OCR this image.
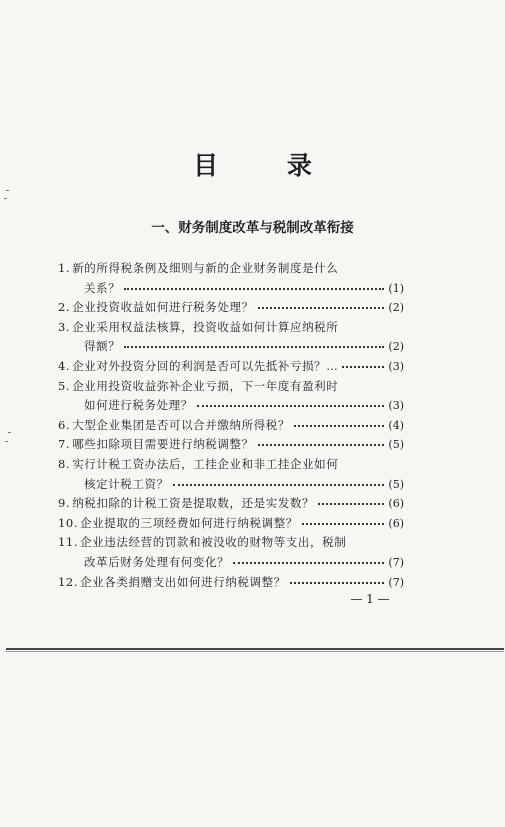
目 录
一、财务制度改革与税制改革衔接
1. 新的所得税条例及细则与新的企业财务制度是什么
关系？	(1)
2. 企业投资收益如何进行税务处理？	(2)
3. 企业采用权益法核算，投资收益如何计算应纳税所
得额？	(2)
4. 企业对外投资分回的利润是否可以先抵补亏损？…	(3)
5. 企业用投资收益弥补企业亏损，下一年度有盈利时
如何进行税务处理？	(3)
6. 大型企业集团是否可以合并缴纳所得税？	(4)
7. 哪些扣除项目需要进行纳税调整？	(5)
8. 实行计税工资办法后，工挂企业和非工挂企业如何
核定计税工资？	(5)
9. 纳税扣除的计税工资是提取数，还是实发数？	(6)
10. 企业提取的三项经费如何进行纳税调整？	(6)
11. 企业违法经营的罚款和被没收的财物等支出，税制
改革后财务处理有何变化？	(7)
12. 企业各类捐赠支出如何进行纳税调整？	(7)

— 1 —
